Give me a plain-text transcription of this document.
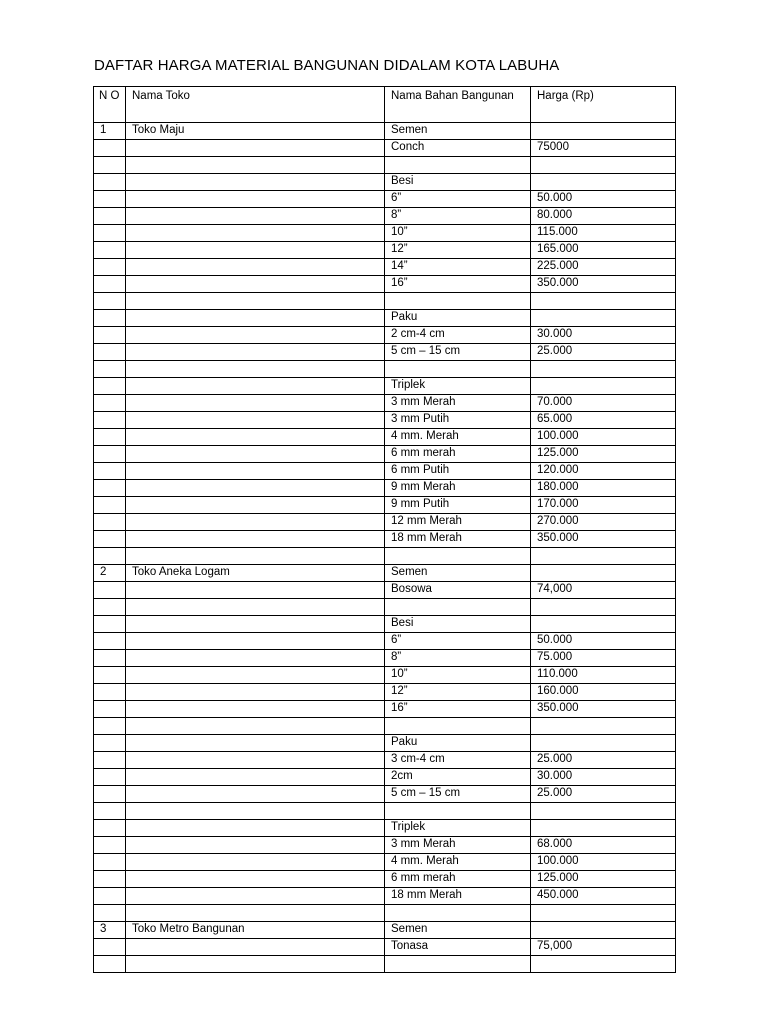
DAFTAR HARGA MATERIAL BANGUNAN DIDALAM KOTA LABUHA
N O	Nama Toko	Nama Bahan Bangunan	Harga (Rp)
1	Toko Maju	Semen	
		Conch	75000

		Besi	
		6”	50.000
		8”	80.000
		10”	115.000
		12”	165.000
		14”	225.000
		16”	350.000

		Paku	
		2 cm-4 cm	30.000
		5 cm – 15 cm	25.000

		Triplek	
		3 mm Merah	70.000
		3 mm Putih	65.000
		4 mm. Merah	100.000
		6 mm merah	125.000
		6 mm Putih	120.000
		9 mm Merah	180.000
		9 mm Putih	170.000
		12 mm Merah	270.000
		18 mm Merah	350.000

2	Toko Aneka Logam	Semen	
		Bosowa	74,000

		Besi	
		6”	50.000
		8”	75.000
		10”	110.000
		12”	160.000
		16”	350.000

		Paku	
		3 cm-4 cm	25.000
		2cm	30.000
		5 cm – 15 cm	25.000

		Triplek	
		3 mm Merah	68.000
		4 mm. Merah	100.000
		6 mm merah	125.000
		18 mm Merah	450.000

3	Toko Metro Bangunan	Semen	
		Tonasa	75,000
